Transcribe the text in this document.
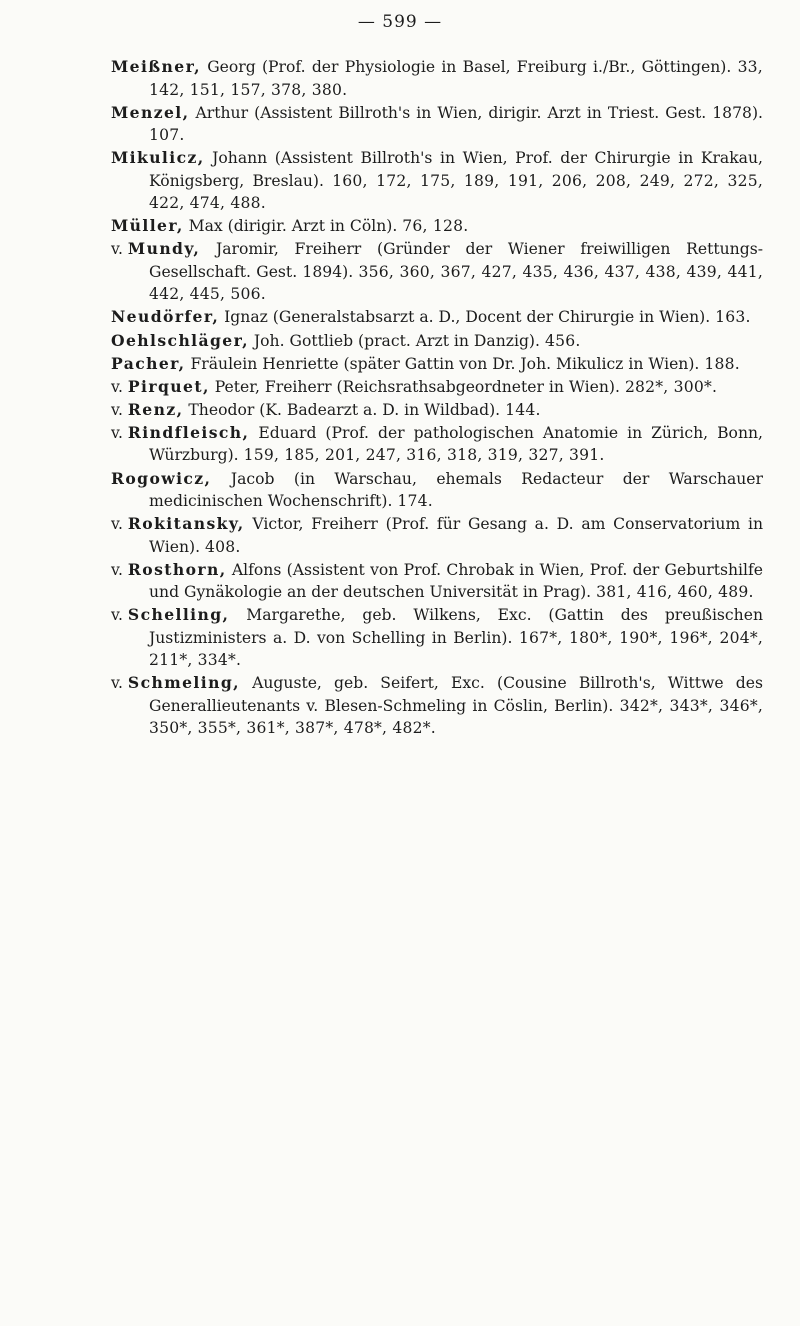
— 599 —
Meißner, Georg (Prof. der Physiologie in Basel, Freiburg i./Br., Göttingen). 33, 142, 151, 157, 378, 380.
Menzel, Arthur (Assistent Billroth's in Wien, dirigir. Arzt in Triest. Gest. 1878). 107.
Mikulicz, Johann (Assistent Billroth's in Wien, Prof. der Chirurgie in Krakau, Königsberg, Breslau). 160, 172, 175, 189, 191, 206, 208, 249, 272, 325, 422, 474, 488.
Müller, Max (dirigir. Arzt in Cöln). 76, 128.
v. Mundy, Jaromir, Freiherr (Gründer der Wiener freiwilligen Rettungs-Gesellschaft. Gest. 1894). 356, 360, 367, 427, 435, 436, 437, 438, 439, 441, 442, 445, 506.
Neudörfer, Ignaz (Generalstabsarzt a. D., Docent der Chirurgie in Wien). 163.
Oehlschläger, Joh. Gottlieb (pract. Arzt in Danzig). 456.
Pacher, Fräulein Henriette (später Gattin von Dr. Joh. Mikulicz in Wien). 188.
v. Pirquet, Peter, Freiherr (Reichsrathsabgeordneter in Wien). 282*, 300*.
v. Renz, Theodor (K. Badearzt a. D. in Wildbad). 144.
v. Rindfleisch, Eduard (Prof. der pathologischen Anatomie in Zürich, Bonn, Würzburg). 159, 185, 201, 247, 316, 318, 319, 327, 391.
Rogowicz, Jacob (in Warschau, ehemals Redacteur der Warschauer medicinischen Wochenschrift). 174.
v. Rokitansky, Victor, Freiherr (Prof. für Gesang a. D. am Conservatorium in Wien). 408.
v. Rosthorn, Alfons (Assistent von Prof. Chrobak in Wien, Prof. der Geburtshilfe und Gynäkologie an der deutschen Universität in Prag). 381, 416, 460, 489.
v. Schelling, Margarethe, geb. Wilkens, Exc. (Gattin des preußischen Justizministers a. D. von Schelling in Berlin). 167*, 180*, 190*, 196*, 204*, 211*, 334*.
v. Schmeling, Auguste, geb. Seifert, Exc. (Cousine Billroth's, Wittwe des Generallieutenants v. Blesen-Schmeling in Cöslin, Berlin). 342*, 343*, 346*, 350*, 355*, 361*, 387*, 478*, 482*.
